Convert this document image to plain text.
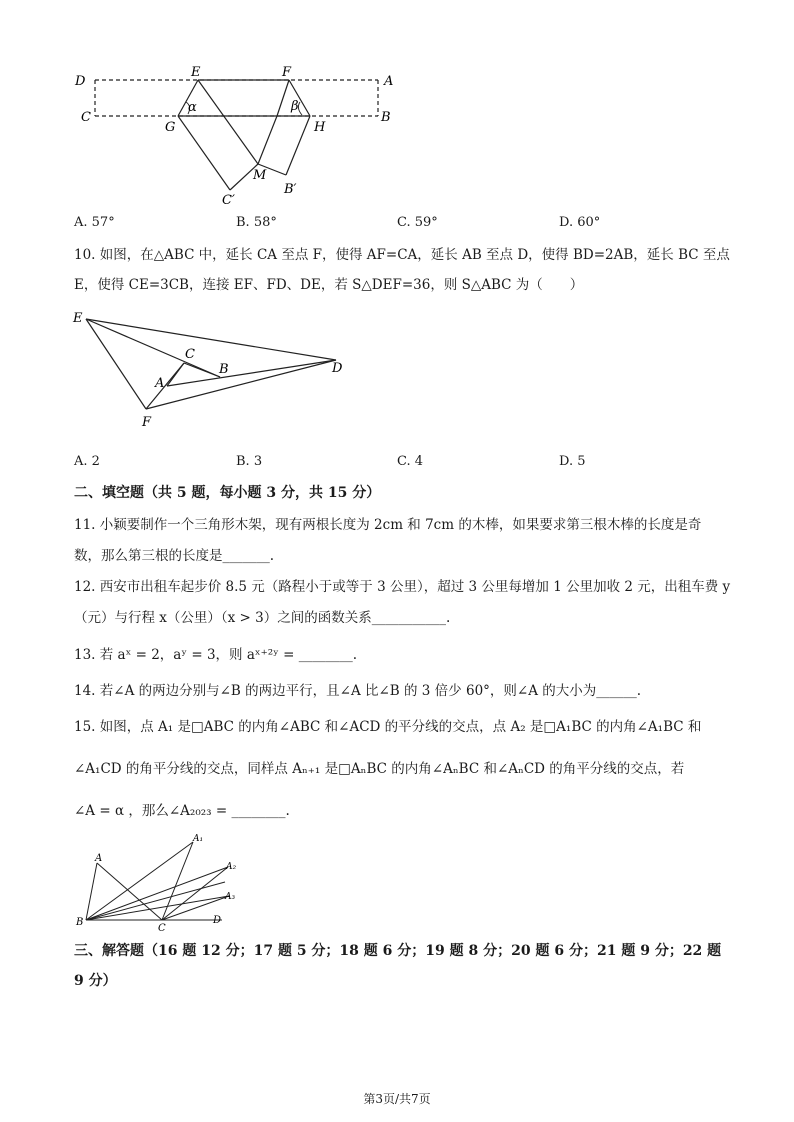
D
E	F
A
C
G
α	β
H
B
M
C′
B′
A. 57°	B. 58°	C. 59°	D. 60°
10. 如图，在△ABC 中，延长 CA 至点 F，使得 AF=CA，延长 AB 至点 D，使得 BD=2AB，延长 BC 至点
E，使得 CE=3CB，连接 EF、FD、DE，若 S△DEF=36，则 S△ABC 为（　　）
E
C
B
A
D
F
A. 2	B. 3	C. 4	D. 5
二、填空题（共 5 题，每小题 3 分，共 15 分）
11. 小颖要制作一个三角形木架，现有两根长度为 2cm 和 7cm 的木棒，如果要求第三根木棒的长度是奇
数，那么第三根的长度是_______.
12. 西安市出租车起步价 8.5 元（路程小于或等于 3 公里），超过 3 公里每增加 1 公里加收 2 元，出租车费 y
（元）与行程 x（公里）（x > 3）之间的函数关系___________.
13. 若 aˣ = 2，aʸ = 3，则 aˣ⁺²ʸ = ________.
14. 若∠A 的两边分别与∠B 的两边平行，且∠A 比∠B 的 3 倍少 60°，则∠A 的大小为______.
15. 如图，点 A₁ 是□ABC 的内角∠ABC 和∠ACD 的平分线的交点，点 A₂ 是□A₁BC 的内角∠A₁BC 和
∠A₁CD 的角平分线的交点，同样点 Aₙ₊₁ 是□AₙBC 的内角∠AₙBC 和∠AₙCD 的角平分线的交点，若
∠A = α ，那么∠A₂₀₂₃ = ________.
A
A₁
A₂
A₃
B
C
D
三、解答题（16 题 12 分；17 题 5 分；18 题 6 分；19 题 8 分；20 题 6 分；21 题 9 分；22 题
9 分）
第3页/共7页
